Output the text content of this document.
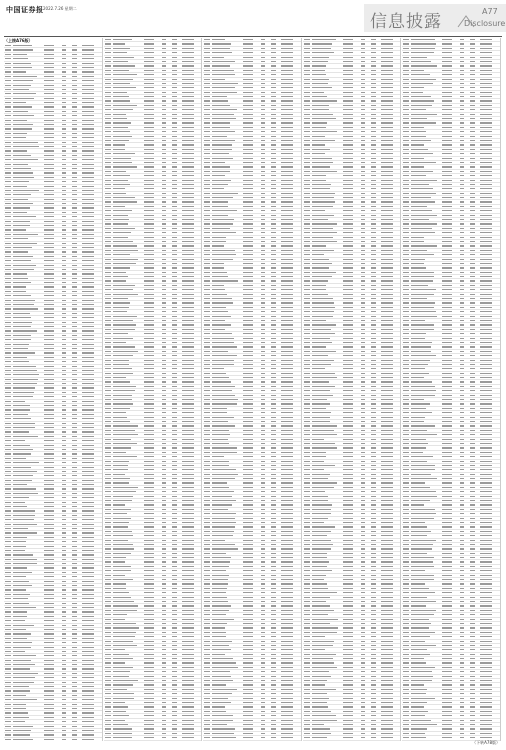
中国证券报 2022.7.26 星期二
信息披露
A77
Disclosure
（上接A76版）
（下转A78版）
